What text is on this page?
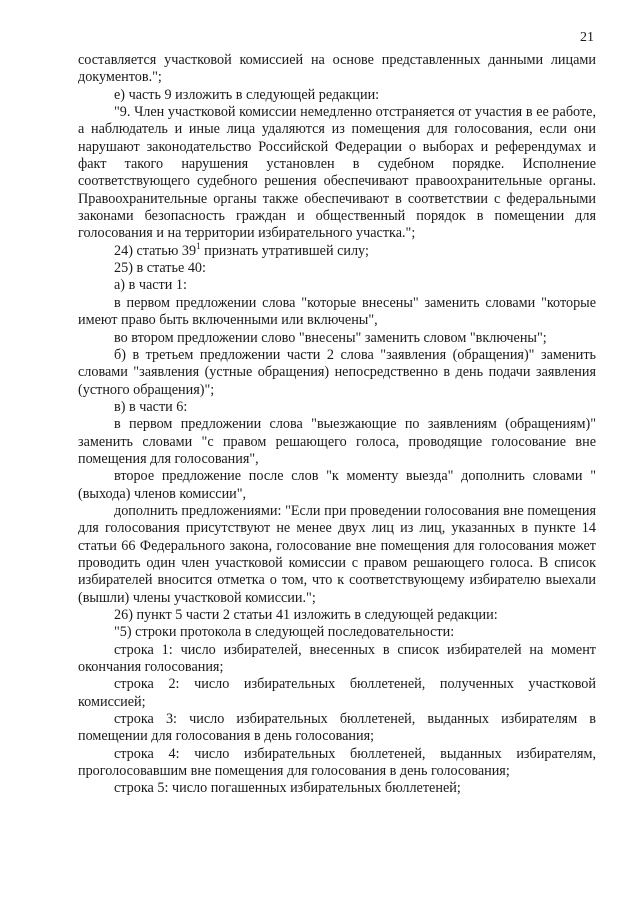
21

составляется участковой комиссией на основе представленных данными лицами документов.";

е) часть 9 изложить в следующей редакции:

"9. Член участковой комиссии немедленно отстраняется от участия в ее работе, а наблюдатель и иные лица удаляются из помещения для голосования, если они нарушают законодательство Российской Федерации о выборах и референдумах и факт такого нарушения установлен в судебном порядке. Исполнение соответствующего судебного решения обеспечивают правоохранительные органы. Правоохранительные органы также обеспечивают в соответствии с федеральными законами безопасность граждан и общественный порядок в помещении для голосования и на территории избирательного участка.";

24) статью $39^1$ признать утратившей силу;

25) в статье 40:

а) в части 1:

в первом предложении слова "которые внесены" заменить словами "которые имеют право быть включенными или включены",

во втором предложении слово "внесены" заменить словом "включены";

б) в третьем предложении части 2 слова "заявления (обращения)" заменить словами "заявления (устные обращения) непосредственно в день подачи заявления (устного обращения)";

в) в части 6:

в первом предложении слова "выезжающие по заявлениям (обращениям)" заменить словами "с правом решающего голоса, проводящие голосование вне помещения для голосования",

второе предложение после слов "к моменту выезда" дополнить словами "(выхода) членов комиссии",

дополнить предложениями: "Если при проведении голосования вне помещения для голосования присутствуют не менее двух лиц из лиц, указанных в пункте 14 статьи 66 Федерального закона, голосование вне помещения для голосования может проводить один член участковой комиссии с правом решающего голоса. В список избирателей вносится отметка о том, что к соответствующему избирателю выехали (вышли) члены участковой комиссии.";

26) пункт 5 части 2 статьи 41 изложить в следующей редакции:

"5) строки протокола в следующей последовательности:

строка 1: число избирателей, внесенных в список избирателей на момент окончания голосования;

строка 2: число избирательных бюллетеней, полученных участковой комиссией;

строка 3: число избирательных бюллетеней, выданных избирателям в помещении для голосования в день голосования;

строка 4: число избирательных бюллетеней, выданных избирателям, проголосовавшим вне помещения для голосования в день голосования;

строка 5: число погашенных избирательных бюллетеней;
